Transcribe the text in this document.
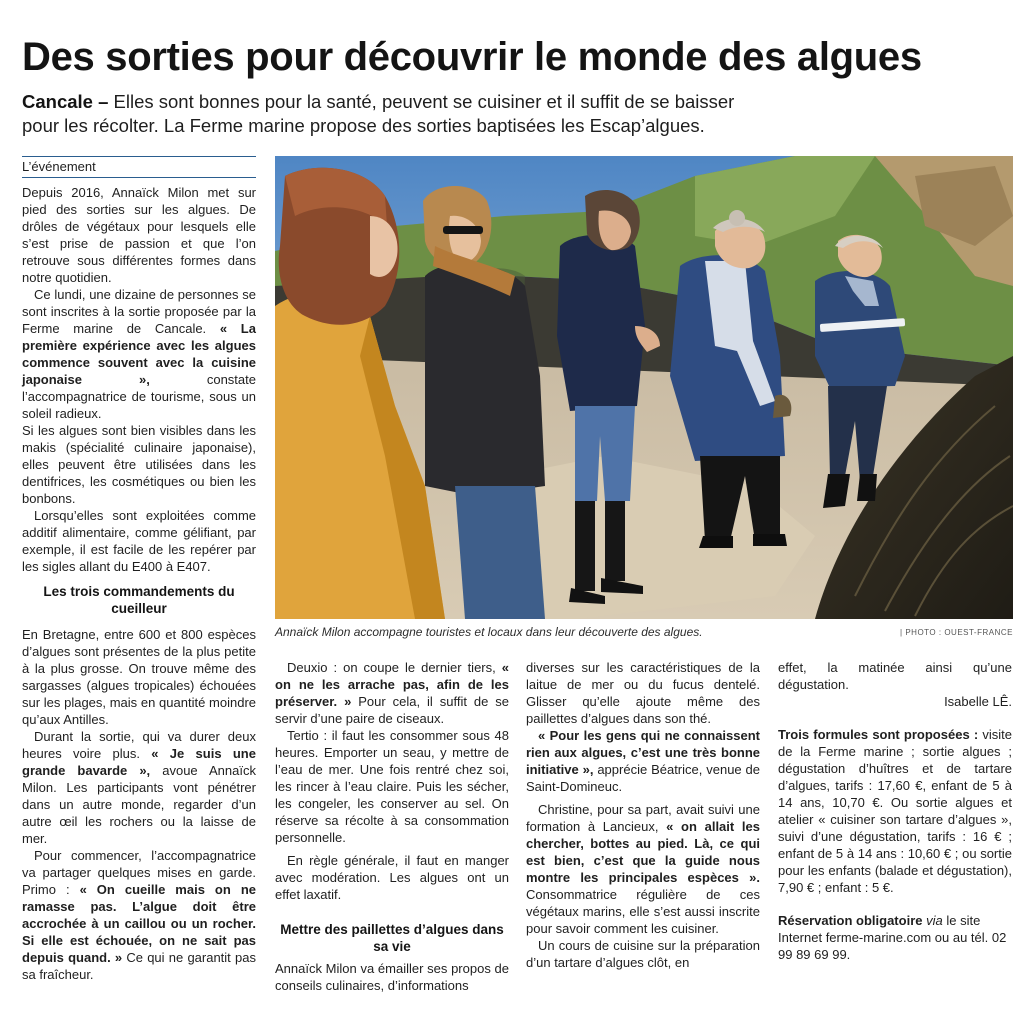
Des sorties pour découvrir le monde des algues
Cancale – Elles sont bonnes pour la santé, peuvent se cuisiner et il suffit de se baisser
pour les récolter. La Ferme marine propose des sorties baptisées les Escap’algues.
L’événement
Annaïck Milon accompagne touristes et locaux dans leur découverte des algues.	| PHOTO : OUEST-FRANCE

Depuis 2016, Annaïck Milon met sur pied des sorties sur les algues. De drôles de végétaux pour lesquels elle s’est prise de passion et que l’on retrouve sous différentes formes dans notre quotidien.

Ce lundi, une dizaine de personnes se sont inscrites à la sortie proposée par la Ferme marine de Cancale. « La première expérience avec les algues commence souvent avec la cuisine japonaise »,	constate l’accompagnatrice de tourisme, sous un soleil radieux.

Si les algues sont bien visibles dans les makis (spécialité culinaire japonaise), elles peuvent être utilisées dans les dentifrices, les cosmétiques ou bien les bonbons.

Lorsqu’elles sont exploitées comme additif alimentaire, comme gélifiant, par exemple, il est facile de les repérer par les sigles allant du E400 à E407.

Les trois commandements du cueilleur

En Bretagne, entre 600 et 800 espèces d’algues sont présentes de la plus petite à la plus grosse. On trouve même des sargasses (algues tropicales) échouées sur les plages, mais en quantité moindre qu’aux Antilles.

Durant la sortie, qui va durer deux heures voire plus. « Je suis une grande bavarde », avoue Annaïck Milon. Les participants vont pénétrer dans un autre monde, regarder d’un autre œil les rochers ou la laisse de mer.

Pour commencer, l’accompagnatrice va partager quelques mises en garde. Primo : « On cueille mais on ne ramasse pas. L’algue doit être accrochée à un caillou ou un rocher. Si elle est échouée, on ne sait pas depuis quand. » Ce qui ne garantit pas sa fraîcheur.

Deuxio : on coupe le dernier tiers, « on ne les arrache pas, afin de les préserver. » Pour cela, il suffit de se servir d’une paire de ciseaux.

Tertio : il faut les consommer sous 48 heures. Emporter un seau, y mettre de l’eau de mer. Une fois rentré chez soi, les rincer à l’eau claire. Puis les sécher, les congeler, les conserver au sel. On réserve sa récolte à sa consommation personnelle.

En règle générale, il faut en manger avec modération. Les algues ont un effet laxatif.

Mettre des paillettes d’algues dans sa vie

Annaïck Milon va émailler ses propos de conseils culinaires, d’informations

diverses sur les caractéristiques de la laitue de mer ou du fucus dentelé. Glisser qu’elle ajoute même des paillettes d’algues dans son thé.

« Pour les gens qui ne connaissent rien aux algues, c’est une très bonne initiative », apprécie Béatrice, venue de Saint-Domineuc.

Christine, pour sa part, avait suivi une formation à Lancieux, « on allait les chercher, bottes au pied. Là, ce qui est bien, c’est que la guide nous montre les principales espèces ». Consommatrice régulière de ces végétaux marins, elle s’est aussi inscrite pour savoir comment les cuisiner.

Un cours de cuisine sur la préparation d’un tartare d’algues clôt, en

effet, la matinée ainsi qu’une dégustation.

Isabelle LÊ.

Trois formules sont proposées : visite de la Ferme marine ; sortie algues ; dégustation d’huîtres et de tartare d’algues, tarifs : 17,60 €, enfant de 5 à 14 ans, 10,70 €. Ou sortie algues et atelier « cuisiner son tartare d’algues », suivi d’une dégustation, tarifs : 16 € ; enfant de 5 à 14 ans : 10,60 € ; ou sortie pour les enfants (balade et dégustation), 7,90 € ; enfant : 5 €.

Réservation obligatoire via le site Internet ferme-marine.com ou au tél. 02 99 89 69 99.
